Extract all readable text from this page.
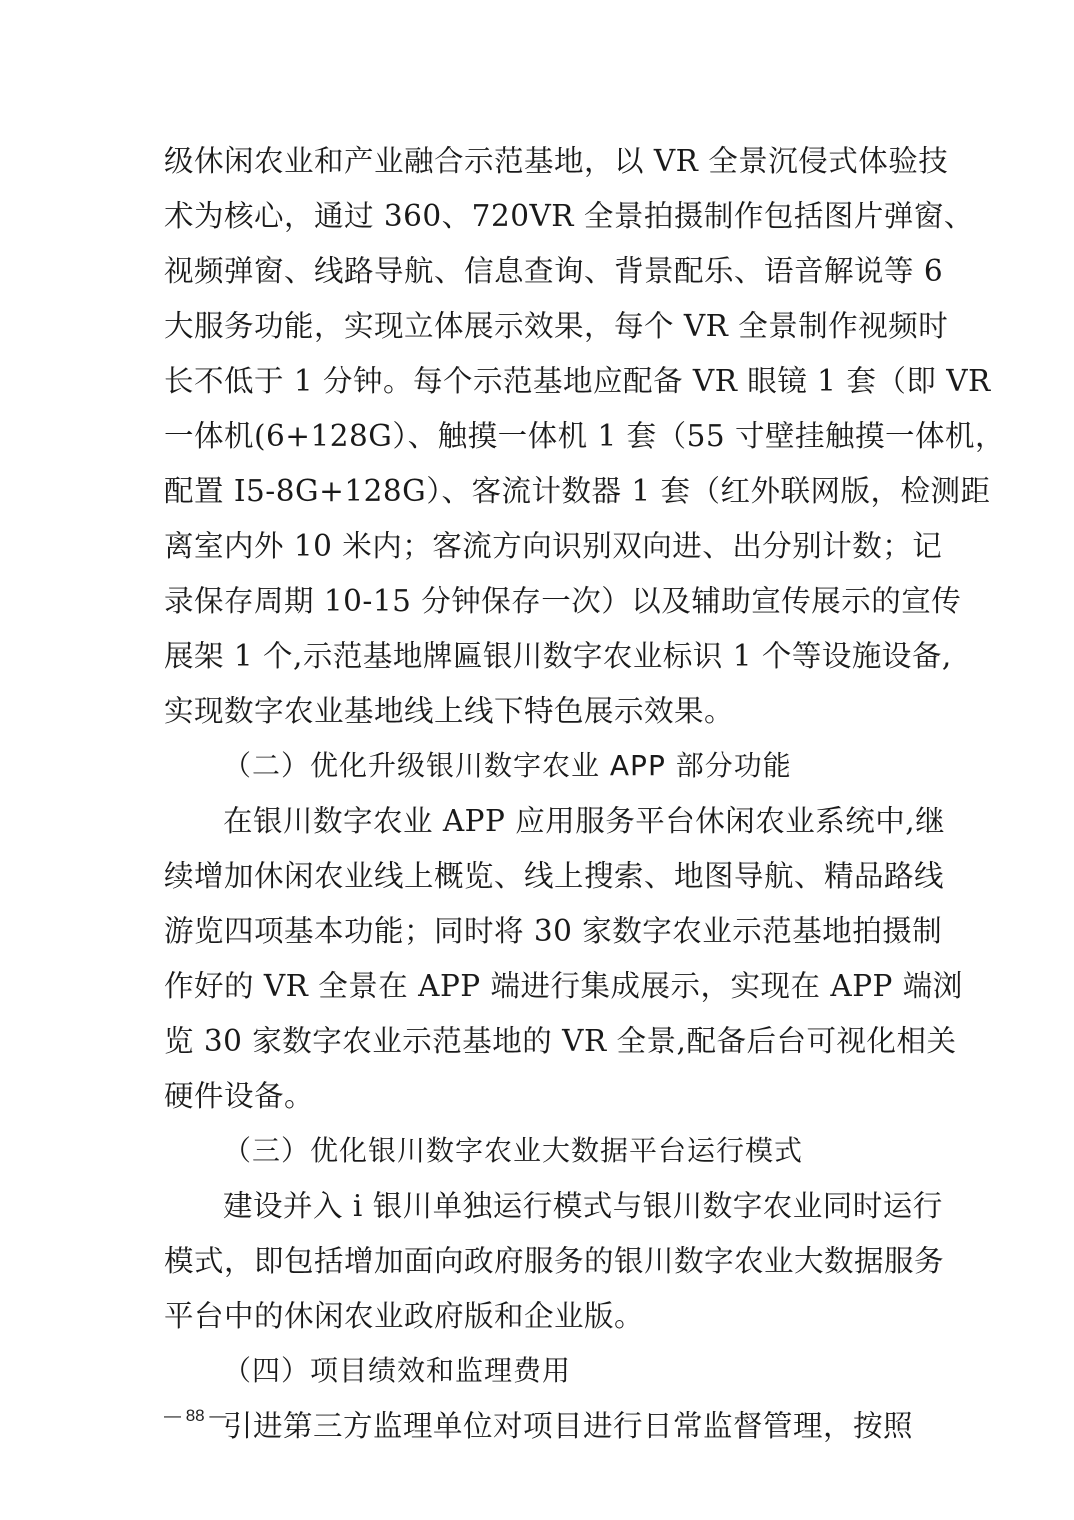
级休闲农业和产业融合示范基地，以 VR 全景沉侵式体验技
术为核心，通过 360、720VR 全景拍摄制作包括图片弹窗、
视频弹窗、线路导航、信息查询、背景配乐、语音解说等 6
大服务功能，实现立体展示效果，每个 VR 全景制作视频时
长不低于 1 分钟。每个示范基地应配备 VR 眼镜 1 套（即 VR
一体机(6+128G）、触摸一体机 1 套（55 寸壁挂触摸一体机，
配置 I5-8G+128G）、客流计数器 1 套（红外联网版，检测距
离室内外 10 米内；客流方向识别双向进、出分别计数；记
录保存周期 10-15 分钟保存一次）以及辅助宣传展示的宣传
展架 1 个,示范基地牌匾银川数字农业标识 1 个等设施设备,
实现数字农业基地线上线下特色展示效果。
（二）优化升级银川数字农业 APP 部分功能
在银川数字农业 APP 应用服务平台休闲农业系统中,继
续增加休闲农业线上概览、线上搜索、地图导航、精品路线
游览四项基本功能；同时将 30 家数字农业示范基地拍摄制
作好的 VR 全景在 APP 端进行集成展示，实现在 APP 端浏
览 30 家数字农业示范基地的 VR 全景,配备后台可视化相关
硬件设备。
（三）优化银川数字农业大数据平台运行模式
建设并入 i 银川单独运行模式与银川数字农业同时运行
模式，即包括增加面向政府服务的银川数字农业大数据服务
平台中的休闲农业政府版和企业版。
（四）项目绩效和监理费用
引进第三方监理单位对项目进行日常监督管理，按照
— 88 —
